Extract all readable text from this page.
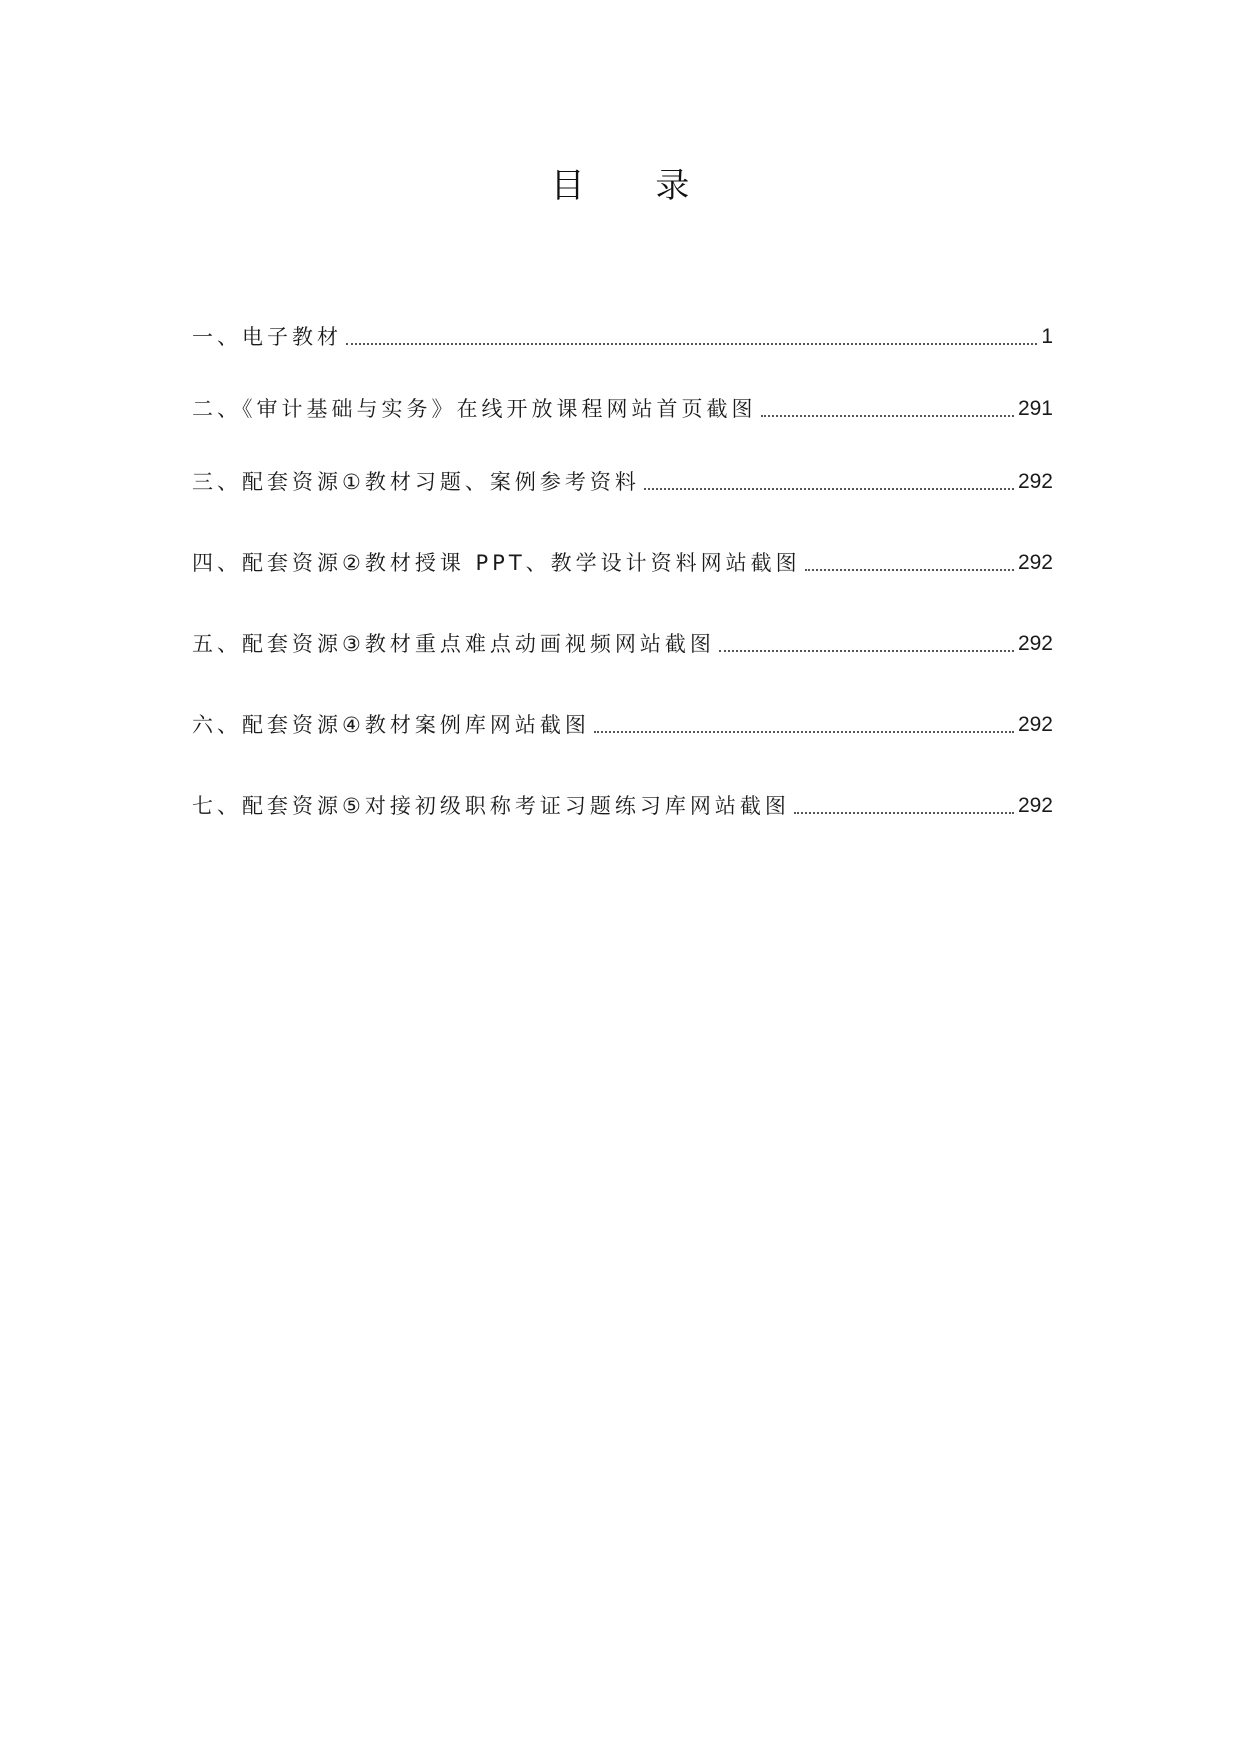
目 录
一、电子教材	1
二、《审计基础与实务》在线开放课程网站首页截图	291
三、配套资源①教材习题、案例参考资料	292
四、配套资源②教材授课 PPT、教学设计资料网站截图	292
五、配套资源③教材重点难点动画视频网站截图	292
六、配套资源④教材案例库网站截图	292
七、配套资源⑤对接初级职称考证习题练习库网站截图	292
